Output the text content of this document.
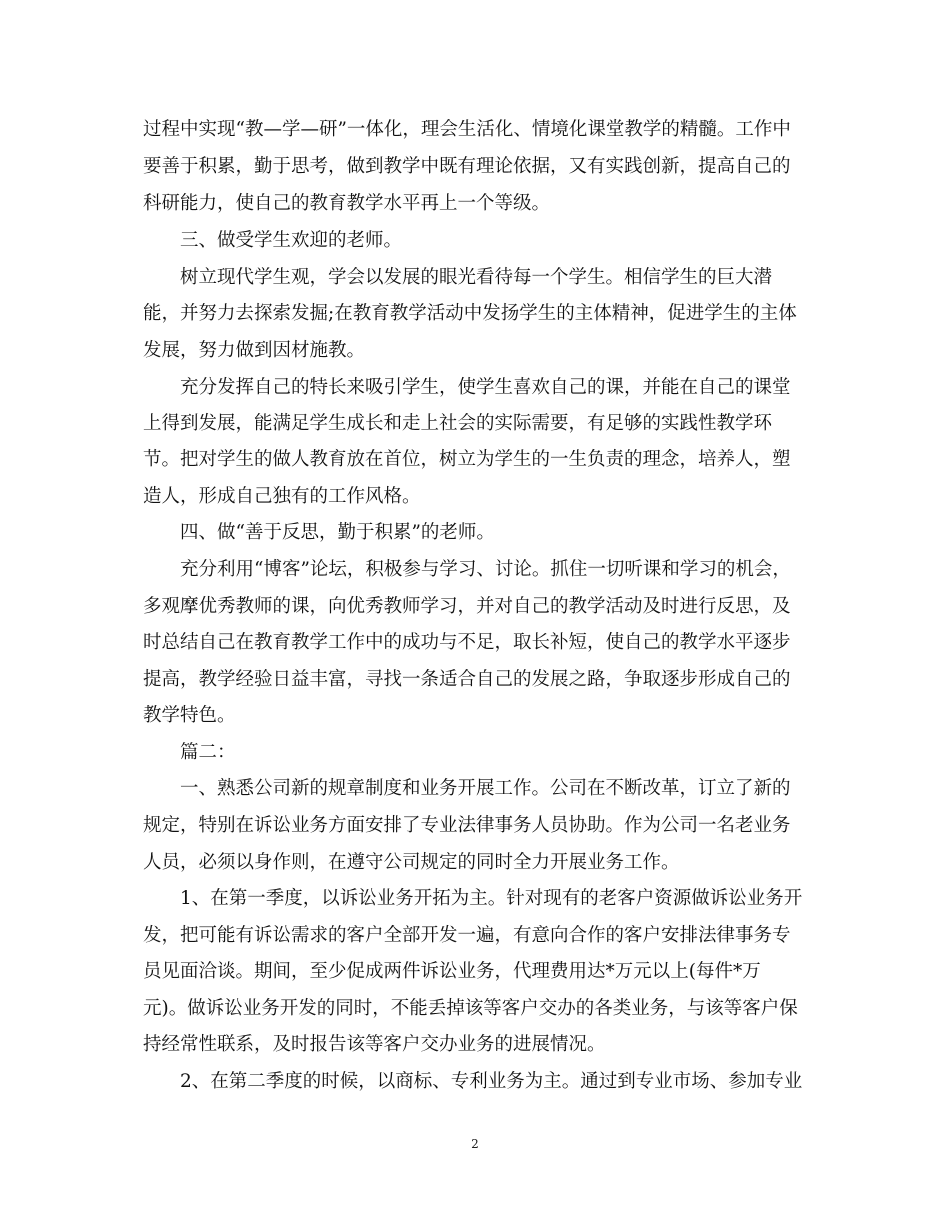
过程中实现“教—学—研”一体化，理会生活化、情境化课堂教学的精髓。工作中
要善于积累，勤于思考，做到教学中既有理论依据，又有实践创新，提高自己的
科研能力，使自己的教育教学水平再上一个等级。
三、做受学生欢迎的老师。
树立现代学生观，学会以发展的眼光看待每一个学生。相信学生的巨大潜
能，并努力去探索发掘;在教育教学活动中发扬学生的主体精神，促进学生的主体
发展，努力做到因材施教。
充分发挥自己的特长来吸引学生，使学生喜欢自己的课，并能在自己的课堂
上得到发展，能满足学生成长和走上社会的实际需要，有足够的实践性教学环
节。把对学生的做人教育放在首位，树立为学生的一生负责的理念，培养人，塑
造人，形成自己独有的工作风格。
四、做“善于反思，勤于积累”的老师。
充分利用“博客”论坛，积极参与学习、讨论。抓住一切听课和学习的机会，
多观摩优秀教师的课，向优秀教师学习，并对自己的教学活动及时进行反思，及
时总结自己在教育教学工作中的成功与不足，取长补短，使自己的教学水平逐步
提高，教学经验日益丰富，寻找一条适合自己的发展之路，争取逐步形成自己的
教学特色。
篇二：
一、熟悉公司新的规章制度和业务开展工作。公司在不断改革，订立了新的
规定，特别在诉讼业务方面安排了专业法律事务人员协助。作为公司一名老业务
人员，必须以身作则，在遵守公司规定的同时全力开展业务工作。
1、在第一季度，以诉讼业务开拓为主。针对现有的老客户资源做诉讼业务开
发，把可能有诉讼需求的客户全部开发一遍，有意向合作的客户安排法律事务专
员见面洽谈。期间，至少促成两件诉讼业务，代理费用达*万元以上(每件*万
元)。做诉讼业务开发的同时，不能丢掉该等客户交办的各类业务，与该等客户保
持经常性联系，及时报告该等客户交办业务的进展情况。
2、在第二季度的时候，以商标、专利业务为主。通过到专业市场、参加专业
2
